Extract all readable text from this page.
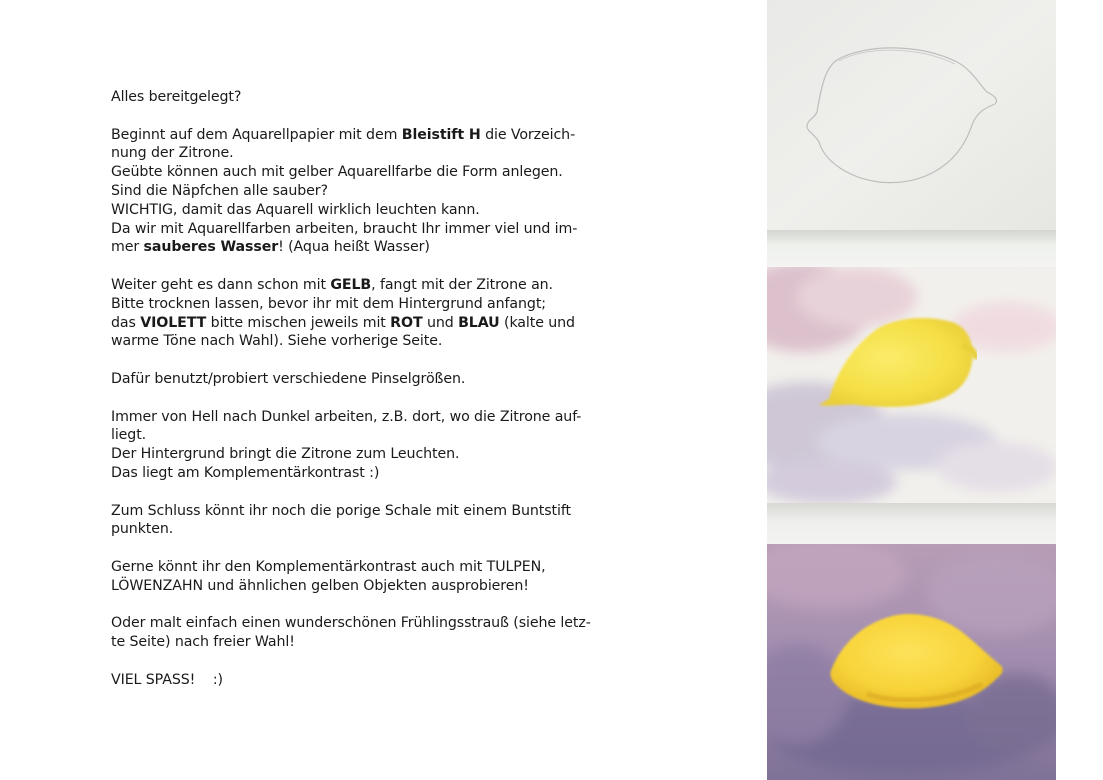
Alles bereitgelegt?

Beginnt auf dem Aquarellpapier mit dem Bleistift H die Vorzeich-
nung der Zitrone.
Geübte können auch mit gelber Aquarellfarbe die Form anlegen.
Sind die Näpfchen alle sauber?
WICHTIG, damit das Aquarell wirklich leuchten kann.
Da wir mit Aquarellfarben arbeiten, braucht Ihr immer viel und im-
mer sauberes Wasser! (Aqua heißt Wasser)

Weiter geht es dann schon mit GELB, fangt mit der Zitrone an.
Bitte trocknen lassen, bevor ihr mit dem Hintergrund anfangt;
das VIOLETT bitte mischen jeweils mit ROT und BLAU (kalte und
warme Töne nach Wahl). Siehe vorherige Seite.

Dafür benutzt/probiert verschiedene Pinselgrößen.

Immer von Hell nach Dunkel arbeiten, z.B. dort, wo die Zitrone auf-
liegt.
Der Hintergrund bringt die Zitrone zum Leuchten.
Das liegt am Komplementärkontrast :)

Zum Schluss könnt ihr noch die porige Schale mit einem Buntstift
punkten.

Gerne könnt ihr den Komplementärkontrast auch mit TULPEN,
LÖWENZAHN und ähnlichen gelben Objekten ausprobieren!

Oder malt einfach einen wunderschönen Frühlingsstrauß (siehe letz-
te Seite) nach freier Wahl!

VIEL SPASS!    :)
